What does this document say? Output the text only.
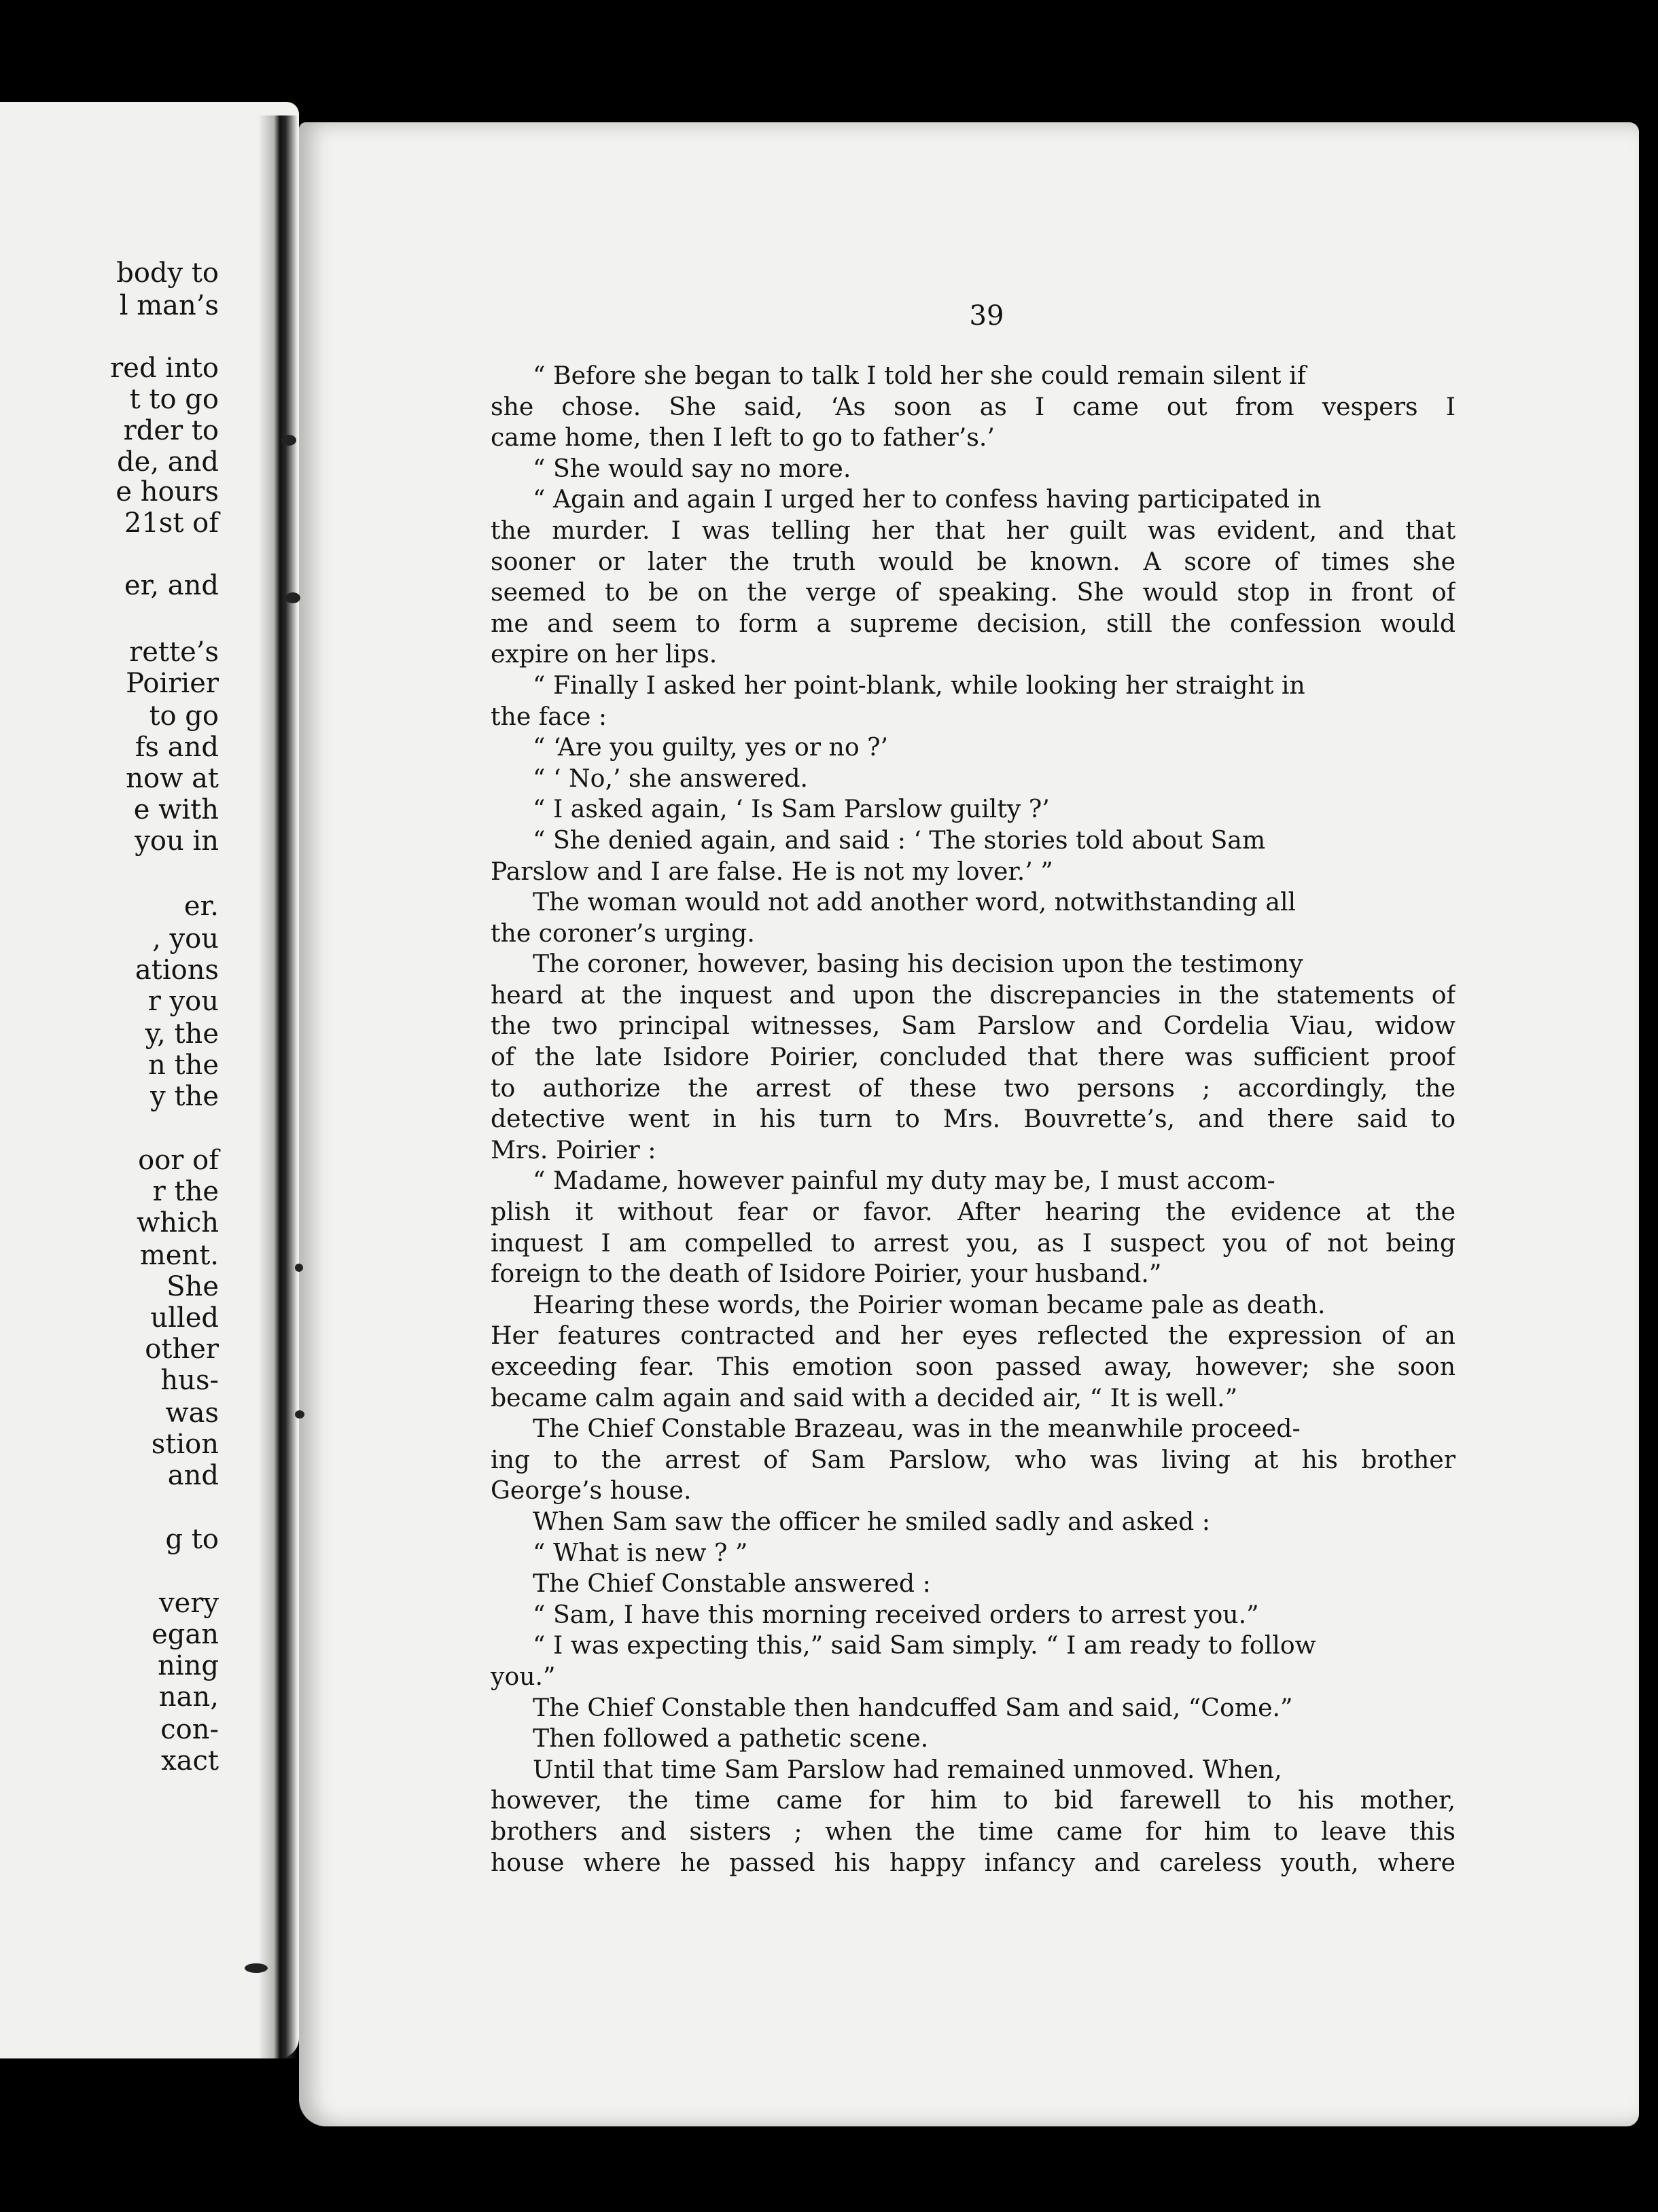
body to
l man’s
red into
t to go
rder to
de, and
e hours
21st of
er, and
rette’s
Poirier
to go
fs and
now at
e with
you in
er.
, you
ations
r you
y, the
n the
y the
oor of
r the
which
ment.
She
ulled
other
hus-
was
stion
and
g to
very
egan
ning
nan,
con-
xact
39
“ Before she began to talk I told her she could remain silent if
she chose. She said, ‘As soon as I came out from vespers I
came home, then I left to go to father’s.’
“ She would say no more.
“ Again and again I urged her to confess having participated in
the murder. I was telling her that her guilt was evident, and that
sooner or later the truth would be known. A score of times she
seemed to be on the verge of speaking. She would stop in front of
me and seem to form a supreme decision, still the confession would
expire on her lips.
“ Finally I asked her point-blank, while looking her straight in
the face :
“ ‘Are you guilty, yes or no ?’
“ ‘ No,’ she answered.
“ I asked again, ‘ Is Sam Parslow guilty ?’
“ She denied again, and said : ‘ The stories told about Sam
Parslow and I are false. He is not my lover.’ ”
The woman would not add another word, notwithstanding all
the coroner’s urging.
The coroner, however, basing his decision upon the testimony
heard at the inquest and upon the discrepancies in the statements of
the two principal witnesses, Sam Parslow and Cordelia Viau, widow
of the late Isidore Poirier, concluded that there was sufficient proof
to authorize the arrest of these two persons ; accordingly, the
detective went in his turn to Mrs. Bouvrette’s, and there said to
Mrs. Poirier :
“ Madame, however painful my duty may be, I must accom-
plish it without fear or favor. After hearing the evidence at the
inquest I am compelled to arrest you, as I suspect you of not being
foreign to the death of Isidore Poirier, your husband.”
Hearing these words, the Poirier woman became pale as death.
Her features contracted and her eyes reflected the expression of an
exceeding fear. This emotion soon passed away, however; she soon
became calm again and said with a decided air, “ It is well.”
The Chief Constable Brazeau, was in the meanwhile proceed-
ing to the arrest of Sam Parslow, who was living at his brother
George’s house.
When Sam saw the officer he smiled sadly and asked :
“ What is new ? ”
The Chief Constable answered :
“ Sam, I have this morning received orders to arrest you.”
“ I was expecting this,” said Sam simply. “ I am ready to follow
you.”
The Chief Constable then handcuffed Sam and said, “Come.”
Then followed a pathetic scene.
Until that time Sam Parslow had remained unmoved. When,
however, the time came for him to bid farewell to his mother,
brothers and sisters ; when the time came for him to leave this
house where he passed his happy infancy and careless youth, where
